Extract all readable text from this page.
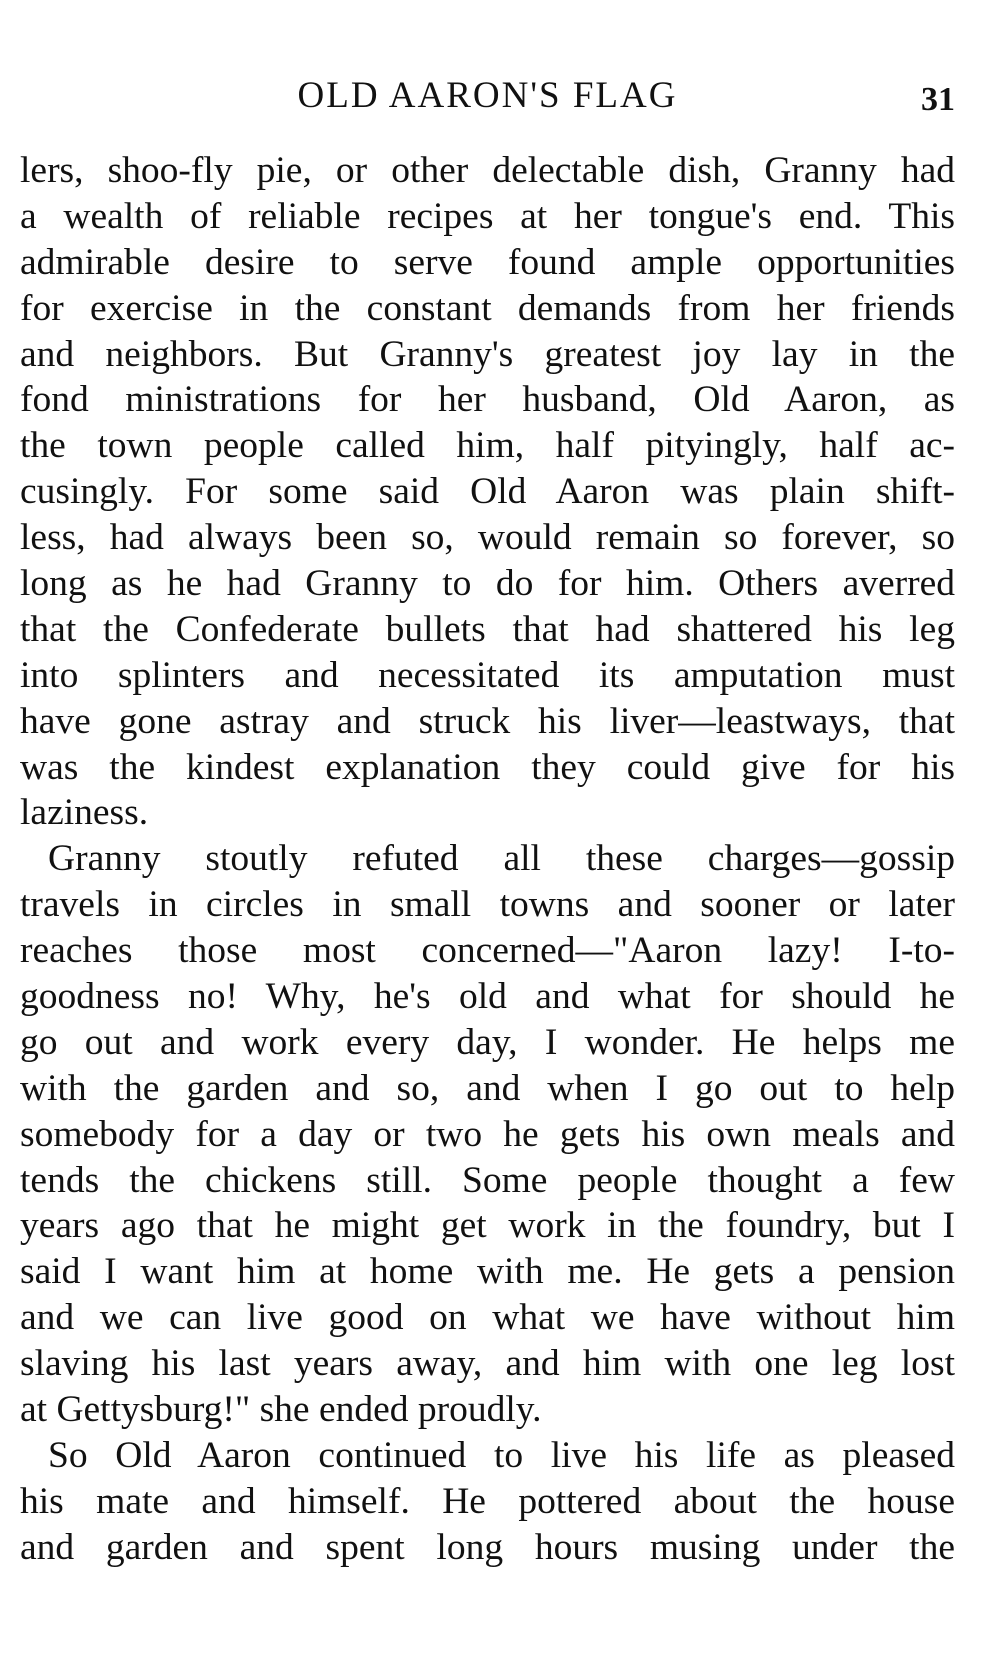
OLD AARON'S FLAG	31
lers, shoo-fly pie, or other delectable dish, Granny had
a wealth of reliable recipes at her tongue's end. This
admirable desire to serve found ample opportunities
for exercise in the constant demands from her friends
and neighbors. But Granny's greatest joy lay in the
fond ministrations for her husband, Old Aaron, as
the town people called him, half pityingly, half ac-
cusingly. For some said Old Aaron was plain shift-
less, had always been so, would remain so forever, so
long as he had Granny to do for him. Others averred
that the Confederate bullets that had shattered his leg
into splinters and necessitated its amputation must
have gone astray and struck his liver—leastways, that
was the kindest explanation they could give for his
laziness.
Granny stoutly refuted all these charges—gossip
travels in circles in small towns and sooner or later
reaches those most concerned—"Aaron lazy! I-to-
goodness no! Why, he's old and what for should he
go out and work every day, I wonder. He helps me
with the garden and so, and when I go out to help
somebody for a day or two he gets his own meals and
tends the chickens still. Some people thought a few
years ago that he might get work in the foundry, but I
said I want him at home with me. He gets a pension
and we can live good on what we have without him
slaving his last years away, and him with one leg lost
at Gettysburg!" she ended proudly.
So Old Aaron continued to live his life as pleased
his mate and himself. He pottered about the house
and garden and spent long hours musing under the
